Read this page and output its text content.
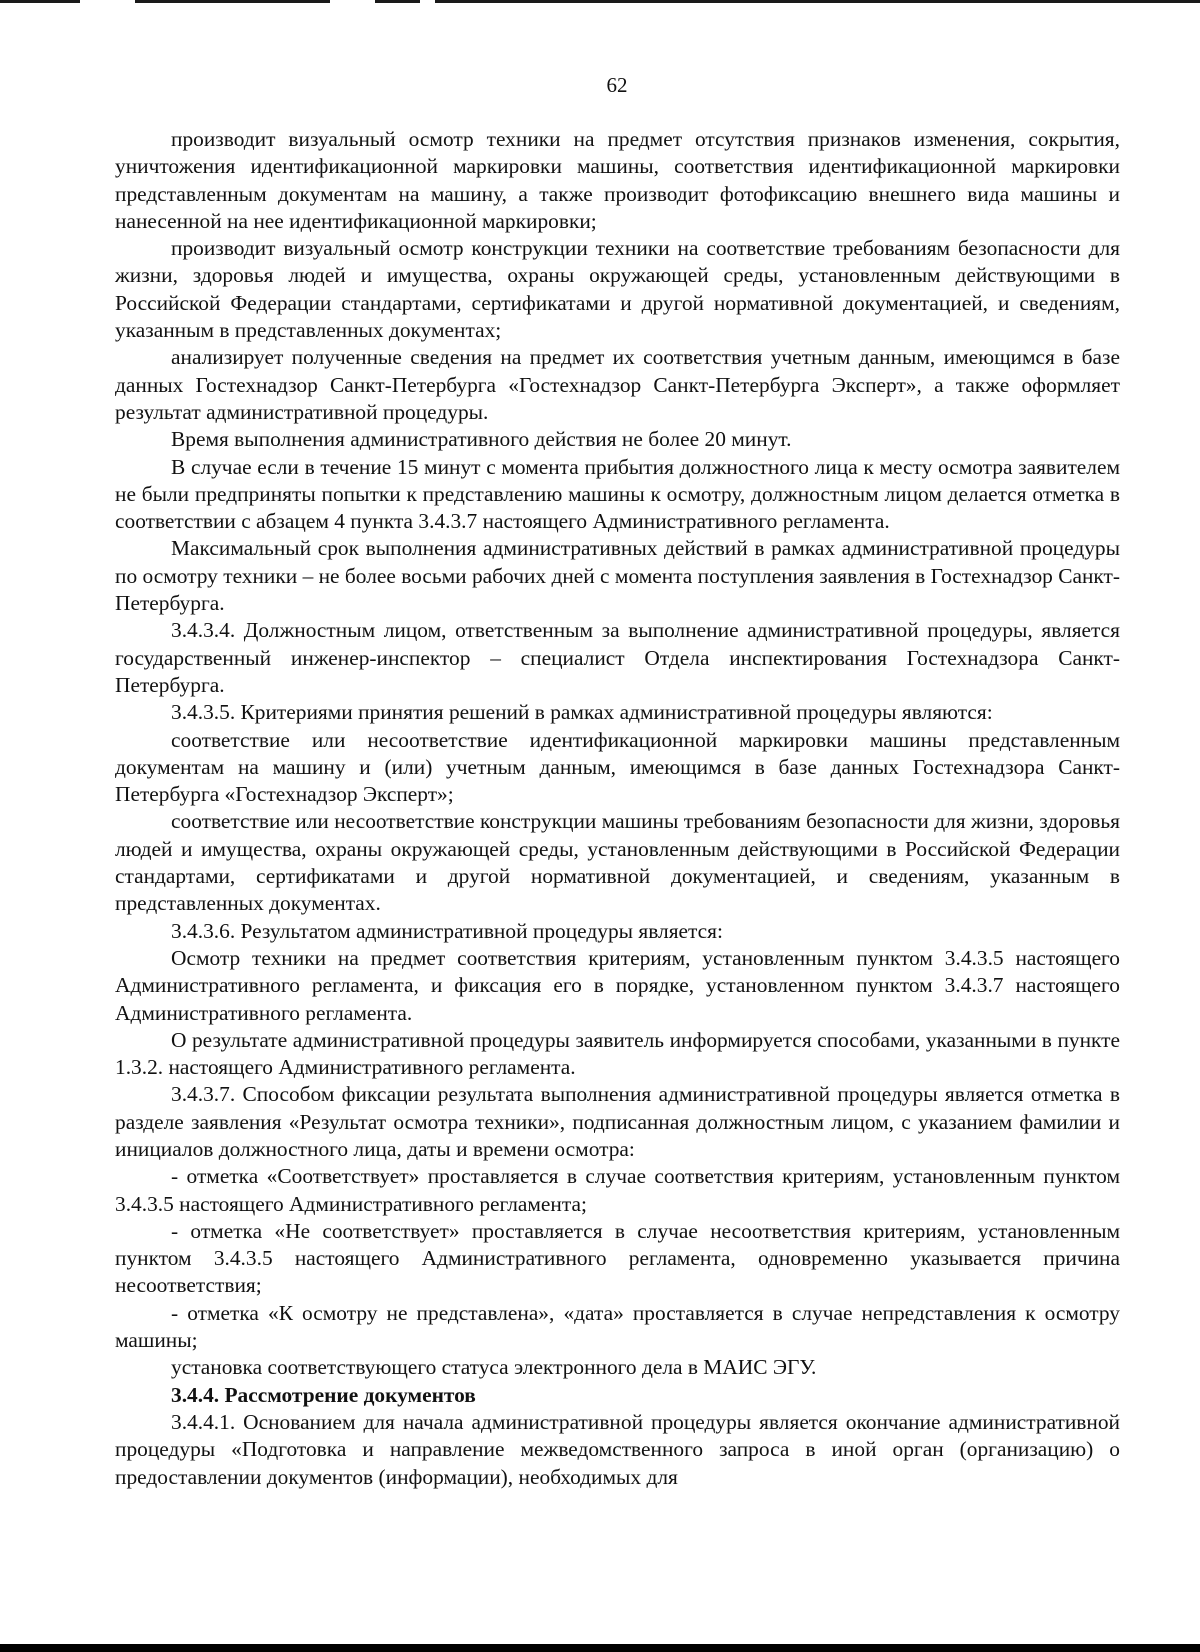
62

производит визуальный осмотр техники на предмет отсутствия признаков изменения, сокрытия, уничтожения идентификационной маркировки машины, соответствия идентификационной маркировки представленным документам на машину, а также производит фотофиксацию внешнего вида машины и нанесенной на нее идентификационной маркировки;

производит визуальный осмотр конструкции техники на соответствие требованиям безопасности для жизни, здоровья людей и имущества, охраны окружающей среды, установленным действующими в Российской Федерации стандартами, сертификатами и другой нормативной документацией, и сведениям, указанным в представленных документах;

анализирует полученные сведения на предмет их соответствия учетным данным, имеющимся в базе данных Гостехнадзор Санкт-Петербурга «Гостехнадзор Санкт-Петербурга Эксперт», а также оформляет результат административной процедуры.

Время выполнения административного действия не более 20 минут.

В случае если в течение 15 минут с момента прибытия должностного лица к месту осмотра заявителем не были предприняты попытки к представлению машины к осмотру, должностным лицом делается отметка в соответствии с абзацем 4 пункта 3.4.3.7 настоящего Административного регламента.

Максимальный срок выполнения административных действий в рамках административной процедуры по осмотру техники – не более восьми рабочих дней с момента поступления заявления в Гостехнадзор Санкт-Петербурга.

3.4.3.4. Должностным лицом, ответственным за выполнение административной процедуры, является государственный инженер-инспектор – специалист Отдела инспектирования Гостехнадзора Санкт-Петербурга.

3.4.3.5. Критериями принятия решений в рамках административной процедуры являются:

соответствие или несоответствие идентификационной маркировки машины представленным документам на машину и (или) учетным данным, имеющимся в базе данных Гостехнадзора Санкт-Петербурга «Гостехнадзор Эксперт»;

соответствие или несоответствие конструкции машины требованиям безопасности для жизни, здоровья людей и имущества, охраны окружающей среды, установленным действующими в Российской Федерации стандартами, сертификатами и другой нормативной документацией, и сведениям, указанным в представленных документах.

3.4.3.6. Результатом административной процедуры является:

Осмотр техники на предмет соответствия критериям, установленным пунктом 3.4.3.5 настоящего Административного регламента, и фиксация его в порядке, установленном пунктом 3.4.3.7 настоящего Административного регламента.

О результате административной процедуры заявитель информируется способами, указанными в пункте 1.3.2. настоящего Административного регламента.

3.4.3.7. Способом фиксации результата выполнения административной процедуры является отметка в разделе заявления «Результат осмотра техники», подписанная должностным лицом, с указанием фамилии и инициалов должностного лица, даты и времени осмотра:

- отметка «Соответствует» проставляется в случае соответствия критериям, установленным пунктом 3.4.3.5 настоящего Административного регламента;

- отметка «Не соответствует» проставляется в случае несоответствия критериям, установленным пунктом 3.4.3.5 настоящего Административного регламента, одновременно указывается причина несоответствия;

- отметка «К осмотру не представлена», «дата» проставляется в случае непредставления к осмотру машины;

установка соответствующего статуса электронного дела в МАИС ЭГУ.

3.4.4. Рассмотрение документов

3.4.4.1. Основанием для начала административной процедуры является окончание административной процедуры «Подготовка и направление межведомственного запроса в иной орган (организацию) о предоставлении документов (информации), необходимых для
